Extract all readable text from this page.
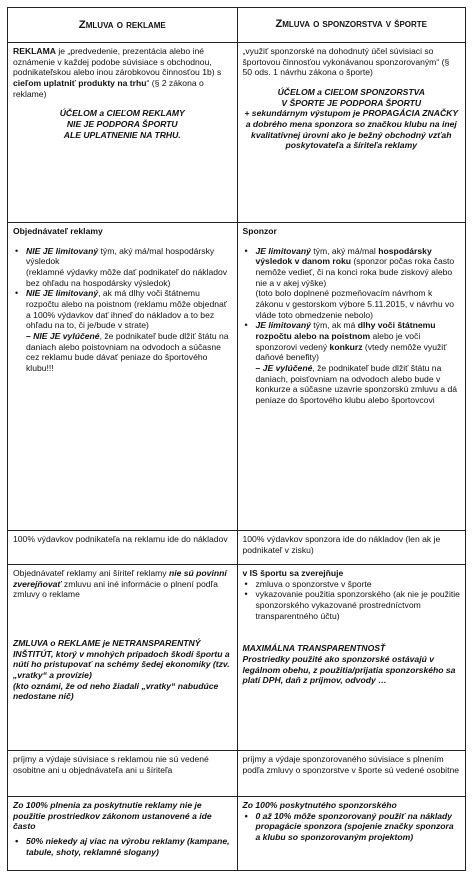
Zmluva o reklame	Zmluva o sponzorstva v športe

REKLAMA je „predvedenie, prezentácia alebo iné oznámenie v každej podobe súvisiace s obchodnou, podnikateľskou alebo inou zárobkovou činnosťou 1b) s cieľom uplatniť produkty na trhu“ (§ 2 zákona o reklame)

ÚČELOM a CIEĽOM REKLAMY

NIE JE PODPORA ŠPORTU

ALE UPLATNENIE NA TRHU.

„využiť sponzorské na dohodnutý účel súvisiaci so športovou činnosťou vykonávanou sponzorovaným“ (§ 50 ods. 1 návrhu zákona o športe)

ÚČELOM a CIEĽOM SPONZORSTVA

V ŠPORTE JE PODPORA ŠPORTU

+ sekundárnym výstupom je PROPAGÁCIA ZNAČKY a dobrého mena sponzora so značkou klubu na inej kvalitatívnej úrovni ako je bežný obchodný vzťah poskytovateľa a šíriteľa reklamy

Objednávateľ reklamy

• NIE JE limitovaný tým, aký má/mal hospodársky výsledok
(reklamné výdavky môže dať podnikateľ do nákladov bez ohľadu na hospodársky výsledok)
• NIE JE limitovaný, ak má dlhy voči štátnemu rozpočtu alebo na poistnom (reklamu môže objednať a 100% výdavkov dať ihneď do nákladov a to bez ohľadu na to, či je/bude v strate)

– NIE JE vylúčené, že podnikateľ bude dlžiť štátu na daniach alebo poistovniam na odvodoch a súčasne cez reklamu bude dávať peniaze do športového klubu!!!

Sponzor

• JE limitovaný tým, aký má/mal hospodársky výsledok v danom roku (sponzor počas roka často nemôže vedieť, či na konci roka bude ziskový alebo nie a v akej výške)
(toto bolo doplnené pozmeňovacím návrhom k zákonu v gestorskom výbore 5.11.2015, v návrhu vo vláde toto obmedzenie nebolo)
• JE limitovaný tým, ak má dlhy voči štátnemu rozpočtu alebo na poistnom alebo je voči sponzorovi vedený konkurz (vtedy nemôže využiť daňové benefity)

– JE vylúčené, že podnikateľ bude dlžiť štátu na daniach, poisťovniam na odvodoch alebo bude v konkurze a súčasne uzavrie sponzorskú zmluvu a dá peniaze do športového klubu alebo športovcovi

100% výdavkov podnikateľa na reklamu ide do nákladov	100% výdavkov sponzora ide do nákladov (len ak je podnikateľ v zisku)

Objednávateľ reklamy ani šíriteľ reklamy nie sú povinní zverejňovať zmluvu ani iné informácie o plnení podľa zmluvy o reklame

ZMLUVA o REKLAME je NETRANSPARENTNÝ INŠTITÚT, ktorý v mnohých prípadoch škodí športu a nútí ho pristupovať na schémy šedej ekonomiky (tzv. „vratky“ a provízie)

(kto oznámi, že od neho žiadali „vratky“ nabudúce nedostane nič)

v IS športu sa zverejňuje

• zmluva o sponzorstve v športe
• vykazovanie použitia sponzorského (ak nie je použitie sponzorského vykazované prostredníctvom transparentného účtu)

MAXIMÁLNA TRANSPARENTNOSŤ

Prostriedky použité ako sponzorské ostávajú v legálnom obehu, z použitia/prijatia sponzorského sa platí DPH, daň z príjmov, odvody …

príjmy a výdaje súvisiace s reklamou nie sú vedené osobitne ani u objednávateľa ani u šíriteľa

príjmy a výdaje sponzorovaného súvisiace s plnením podľa zmluvy o sponzorstve v športe sú vedené osobitne

Zo 100% plnenia za poskytnutie reklamy nie je použitie prostriedkov zákonom ustanovené a ide často

• 50% niekedy aj viac na výrobu reklamy (kampane, tabule, shoty, reklamné slogany)

Zo 100% poskytnutého sponzorského

• 0 až 10% môže sponzorovaný použiť na náklady propagácie sponzora (spojenie značky sponzora a klubu so sponzorovaným projektom)
